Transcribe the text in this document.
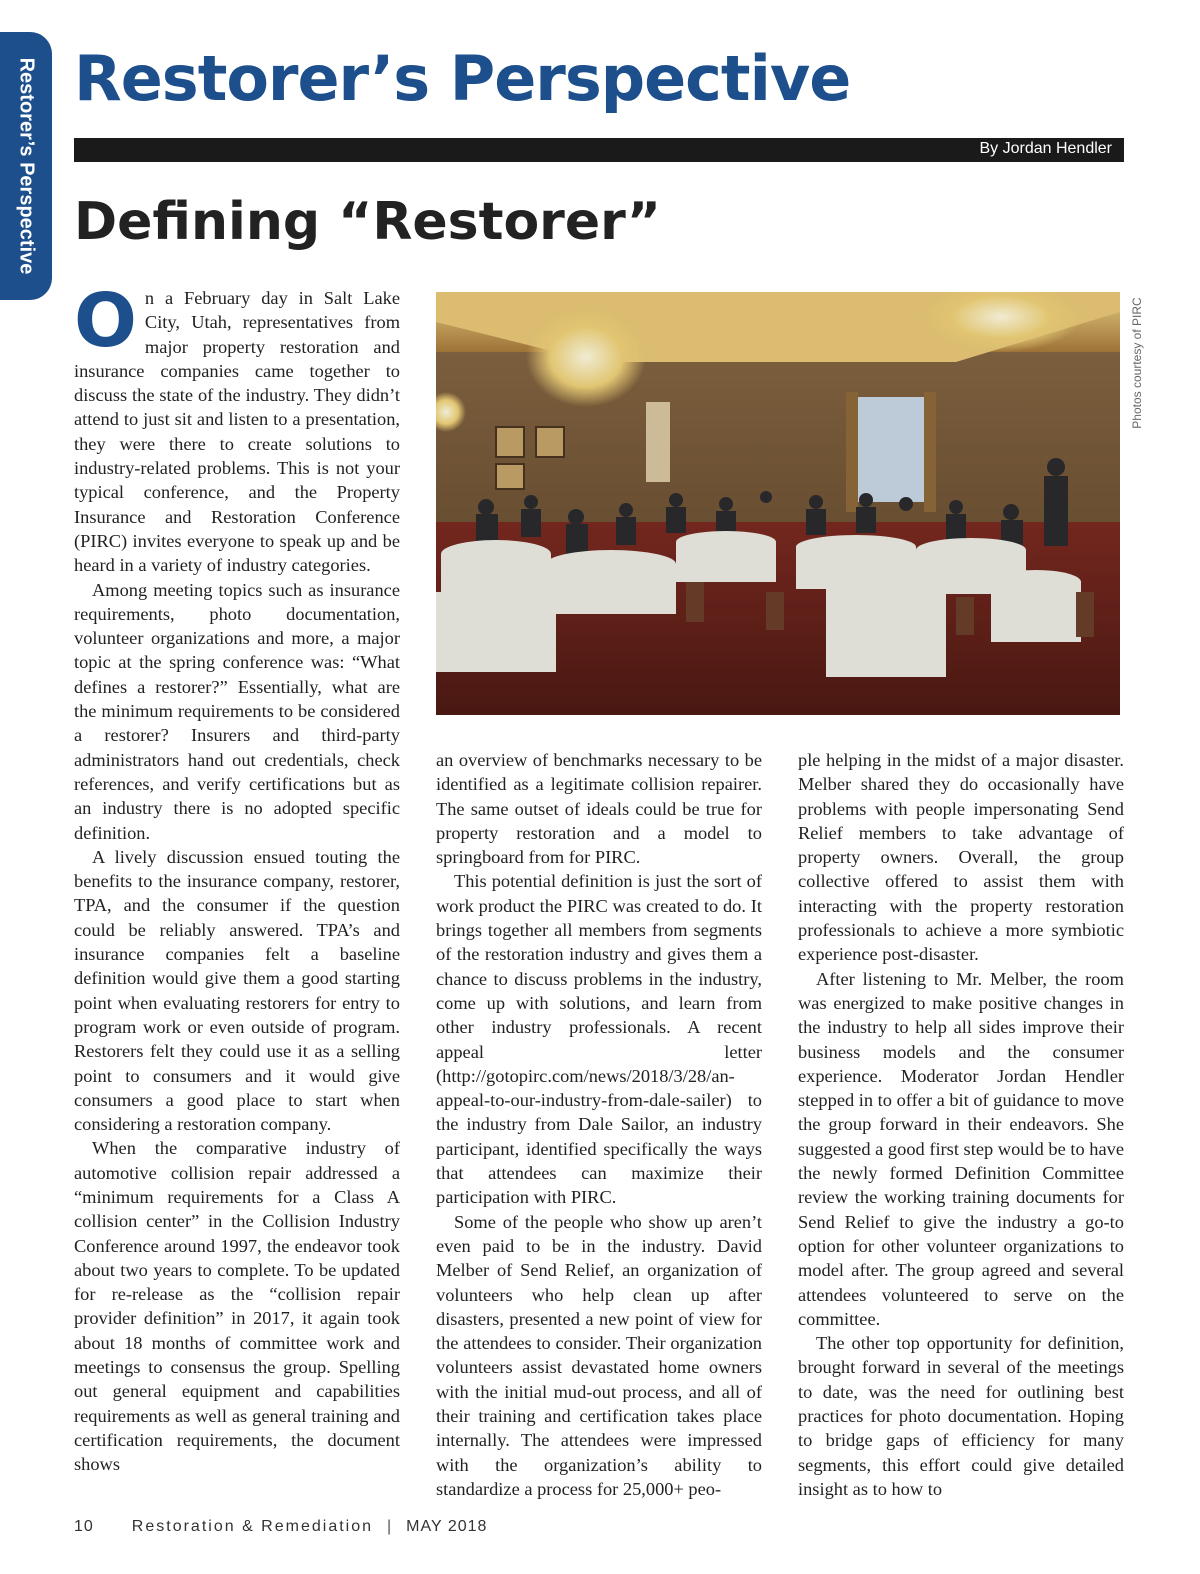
Restorer’s Perspective Restorer’s Perspective
By Jordan Hendler
Defining “Restorer”

On a February day in Salt Lake City, Utah, representatives from major property restoration and insurance companies came together to discuss the state of the industry. They didn’t attend to just sit and listen to a presentation, they were there to create solutions to industry-related problems. This is not your typical conference, and the Property Insurance and Restoration Conference (PIRC) invites everyone to speak up and be heard in a variety of industry categories.

Among meeting topics such as insurance requirements, photo documentation, volunteer organizations and more, a major topic at the spring conference was: “What defines a restorer?” Essentially, what are the minimum requirements to be considered a restorer? Insurers and third-party administrators hand out credentials, check references, and verify certifications but as an industry there is no adopted specific definition.

A lively discussion ensued touting the benefits to the insurance company, restorer, TPA, and the consumer if the question could be reliably answered. TPA’s and insurance companies felt a baseline definition would give them a good starting point when evaluating restorers for entry to program work or even outside of program. Restorers felt they could use it as a selling point to consumers and it would give consumers a good place to start when considering a restoration company.

When the comparative industry of automotive collision repair addressed a “minimum requirements for a Class A collision center” in the Collision Industry Conference around 1997, the endeavor took about two years to complete. To be updated for re-release as the “collision repair provider definition” in 2017, it again took about 18 months of committee work and meetings to consensus the group. Spelling out general equipment and capabilities requirements as well as general training and certification requirements, the document shows

Photos courtesy of PIRC

an overview of benchmarks necessary to be identified as a legitimate collision repairer. The same outset of ideals could be true for property restoration and a model to springboard from for PIRC.

This potential definition is just the sort of work product the PIRC was created to do. It brings together all members from segments of the restoration industry and gives them a chance to discuss problems in the industry, come up with solutions, and learn from other industry professionals. A recent appeal letter (http://gotopirc.com/news/2018/3/28/an-appeal-to-our-industry-from-dale-sailer) to the industry from Dale Sailor, an industry participant, identified specifically the ways that attendees can maximize their participation with PIRC.

Some of the people who show up aren’t even paid to be in the industry. David Melber of Send Relief, an organization of volunteers who help clean up after disasters, presented a new point of view for the attendees to consider. Their organization volunteers assist devastated home owners with the initial mud-out process, and all of their training and certification takes place internally. The attendees were impressed with the organization’s ability to standardize a process for 25,000+ peo-

ple helping in the midst of a major disaster. Melber shared they do occasionally have problems with people impersonating Send Relief members to take advantage of property owners. Overall, the group collective offered to assist them with interacting with the property restoration professionals to achieve a more symbiotic experience post-disaster.

After listening to Mr. Melber, the room was energized to make positive changes in the industry to help all sides improve their business models and the consumer experience. Moderator Jordan Hendler stepped in to offer a bit of guidance to move the group forward in their endeavors. She suggested a good first step would be to have the newly formed Definition Committee review the working training documents for Send Relief to give the industry a go-to option for other volunteer organizations to model after. The group agreed and several attendees volunteered to serve on the committee.

The other top opportunity for definition, brought forward in several of the meetings to date, was the need for outlining best practices for photo documentation. Hoping to bridge gaps of efficiency for many segments, this effort could give detailed insight as to how to

10 Restoration & Remediation | MAY 2018
